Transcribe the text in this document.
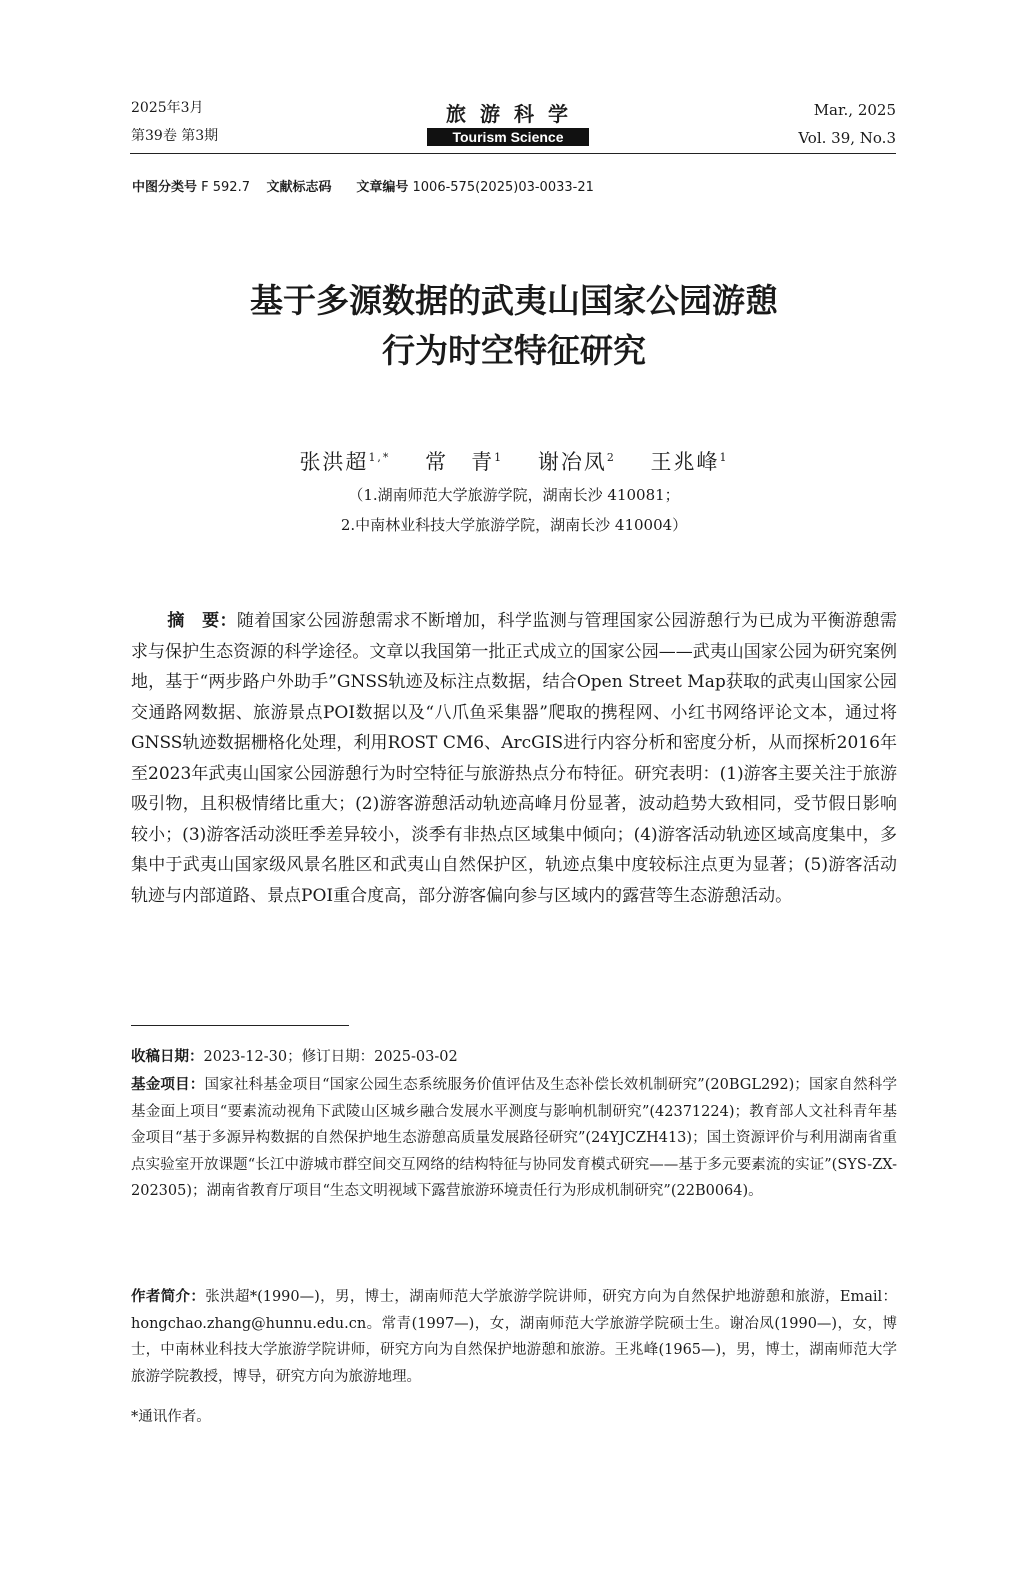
2025年3月
第39卷 第3期
旅游科学
Tourism Science
Mar., 2025
Vol. 39, No.3
中图分类号 F 592.7 文献标志码 文章编号 1006-575(2025)03-0033-21
基于多源数据的武夷山国家公园游憩
行为时空特征研究
张洪超$^{1,*}$ 常　青$^1$ 谢冶凤$^2$ 王兆峰$^1$
（1.湖南师范大学旅游学院，湖南长沙 410081；
2.中南林业科技大学旅游学院，湖南长沙 410004）
摘　要：随着国家公园游憩需求不断增加，科学监测与管理国家公园游憩行为已成为平衡游憩需求与保护生态资源的科学途径。文章以我国第一批正式成立的国家公园——武夷山国家公园为研究案例地，基于“两步路户外助手”GNSS轨迹及标注点数据，结合Open Street Map获取的武夷山国家公园交通路网数据、旅游景点POI数据以及“八爪鱼采集器”爬取的携程网、小红书网络评论文本，通过将GNSS轨迹数据栅格化处理，利用ROST CM6、ArcGIS进行内容分析和密度分析，从而探析2016年至2023年武夷山国家公园游憩行为时空特征与旅游热点分布特征。研究表明：(1)游客主要关注于旅游吸引物，且积极情绪比重大；(2)游客游憩活动轨迹高峰月份显著，波动趋势大致相同，受节假日影响较小；(3)游客活动淡旺季差异较小，淡季有非热点区域集中倾向；(4)游客活动轨迹区域高度集中，多集中于武夷山国家级风景名胜区和武夷山自然保护区，轨迹点集中度较标注点更为显著；(5)游客活动轨迹与内部道路、景点POI重合度高，部分游客偏向参与区域内的露营等生态游憩活动。
收稿日期：2023-12-30；修订日期：2025-03-02
基金项目：国家社科基金项目“国家公园生态系统服务价值评估及生态补偿长效机制研究”(20BGL292)；国家自然科学基金面上项目“要素流动视角下武陵山区城乡融合发展水平测度与影响机制研究”(42371224)；教育部人文社科青年基金项目“基于多源异构数据的自然保护地生态游憩高质量发展路径研究”(24YJCZH413)；国土资源评价与利用湖南省重点实验室开放课题“长江中游城市群空间交互网络的结构特征与协同发育模式研究——基于多元要素流的实证”(SYS-ZX-202305)；湖南省教育厅项目“生态文明视域下露营旅游环境责任行为形成机制研究”(22B0064)。
作者简介：张洪超*(1990—)，男，博士，湖南师范大学旅游学院讲师，研究方向为自然保护地游憩和旅游，Email：hongchao.zhang@hunnu.edu.cn。常青(1997—)，女，湖南师范大学旅游学院硕士生。谢冶凤(1990—)，女，博士，中南林业科技大学旅游学院讲师，研究方向为自然保护地游憩和旅游。王兆峰(1965—)，男，博士，湖南师范大学旅游学院教授，博导，研究方向为旅游地理。
*通讯作者。
